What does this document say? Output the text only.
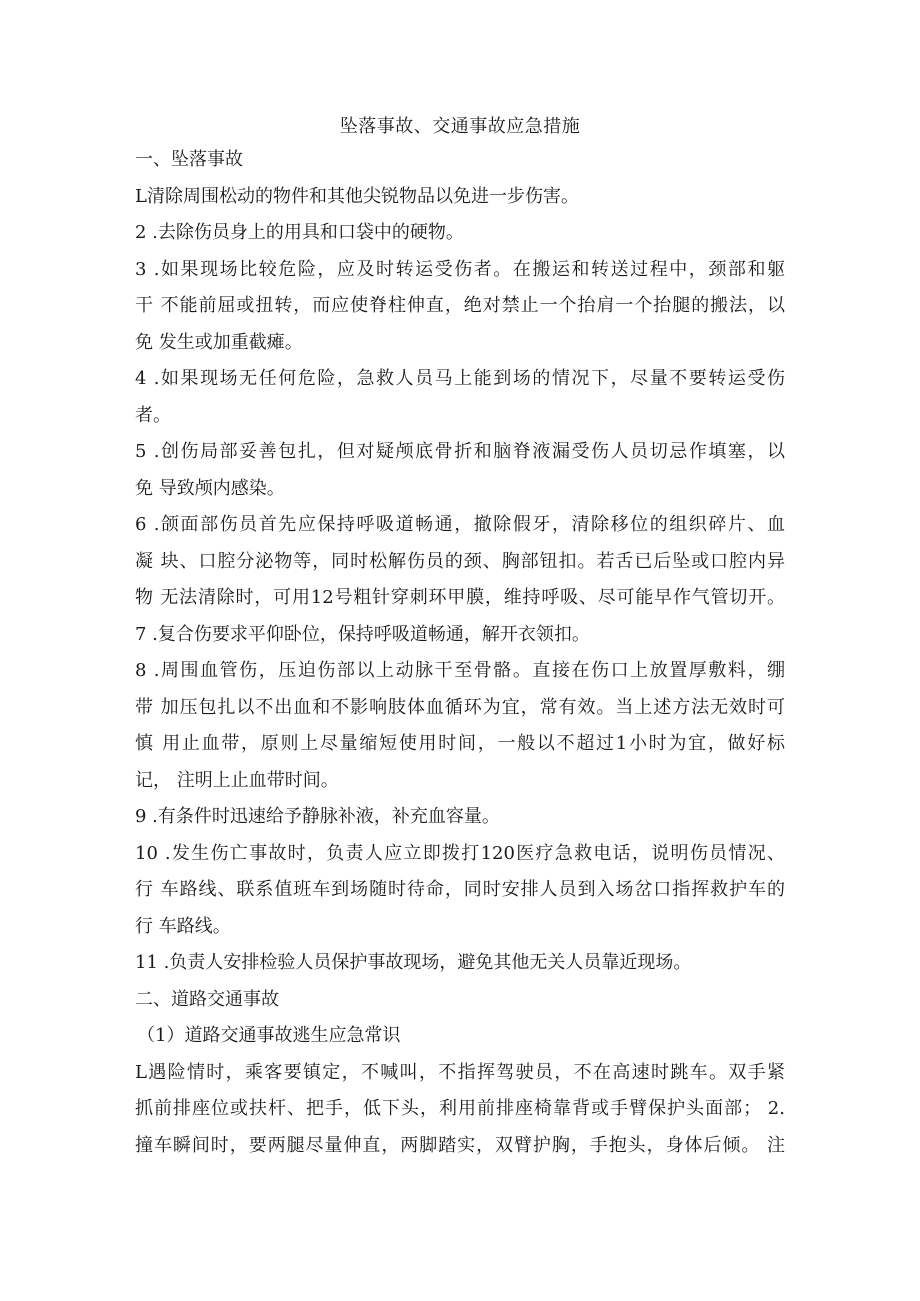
坠落事故、交通事故应急措施
一、坠落事故
L清除周围松动的物件和其他尖锐物品以免进一步伤害。
2 .去除伤员身上的用具和口袋中的硬物。
3 .如果现场比较危险，应及时转运受伤者。在搬运和转送过程中，颈部和躯
干 不能前屈或扭转，而应使脊柱伸直，绝对禁止一个抬肩一个抬腿的搬法，以
免 发生或加重截瘫。
4 .如果现场无任何危险，急救人员马上能到场的情况下，尽量不要转运受伤
者。
5 .创伤局部妥善包扎，但对疑颅底骨折和脑脊液漏受伤人员切忌作填塞，以
免 导致颅内感染。
6 .颌面部伤员首先应保持呼吸道畅通，撤除假牙，清除移位的组织碎片、血
凝 块、口腔分泌物等，同时松解伤员的颈、胸部钮扣。若舌已后坠或口腔内异
物 无法清除时，可用12号粗针穿刺环甲膜，维持呼吸、尽可能早作气管切开。
7 .复合伤要求平仰卧位，保持呼吸道畅通，解开衣领扣。
8 .周围血管伤，压迫伤部以上动脉干至骨骼。直接在伤口上放置厚敷料，绷
带 加压包扎以不出血和不影响肢体血循环为宜，常有效。当上述方法无效时可
慎 用止血带，原则上尽量缩短使用时间，一般以不超过1小时为宜，做好标
记， 注明上止血带时间。
9 .有条件时迅速给予静脉补液，补充血容量。
10 .发生伤亡事故时，负责人应立即拨打120医疗急救电话，说明伤员情况、
行 车路线、联系值班车到场随时待命，同时安排人员到入场岔口指挥救护车的
行 车路线。
11 .负责人安排检验人员保护事故现场，避免其他无关人员靠近现场。
二、道路交通事故
（1）道路交通事故逃生应急常识
L遇险情时，乘客要镇定，不喊叫，不指挥驾驶员，不在高速时跳车。双手紧
抓前排座位或扶杆、把手，低下头，利用前排座椅靠背或手臂保护头面部； 2.
撞车瞬间时，要两腿尽量伸直，两脚踏实，双臂护胸，手抱头，身体后倾。 注
